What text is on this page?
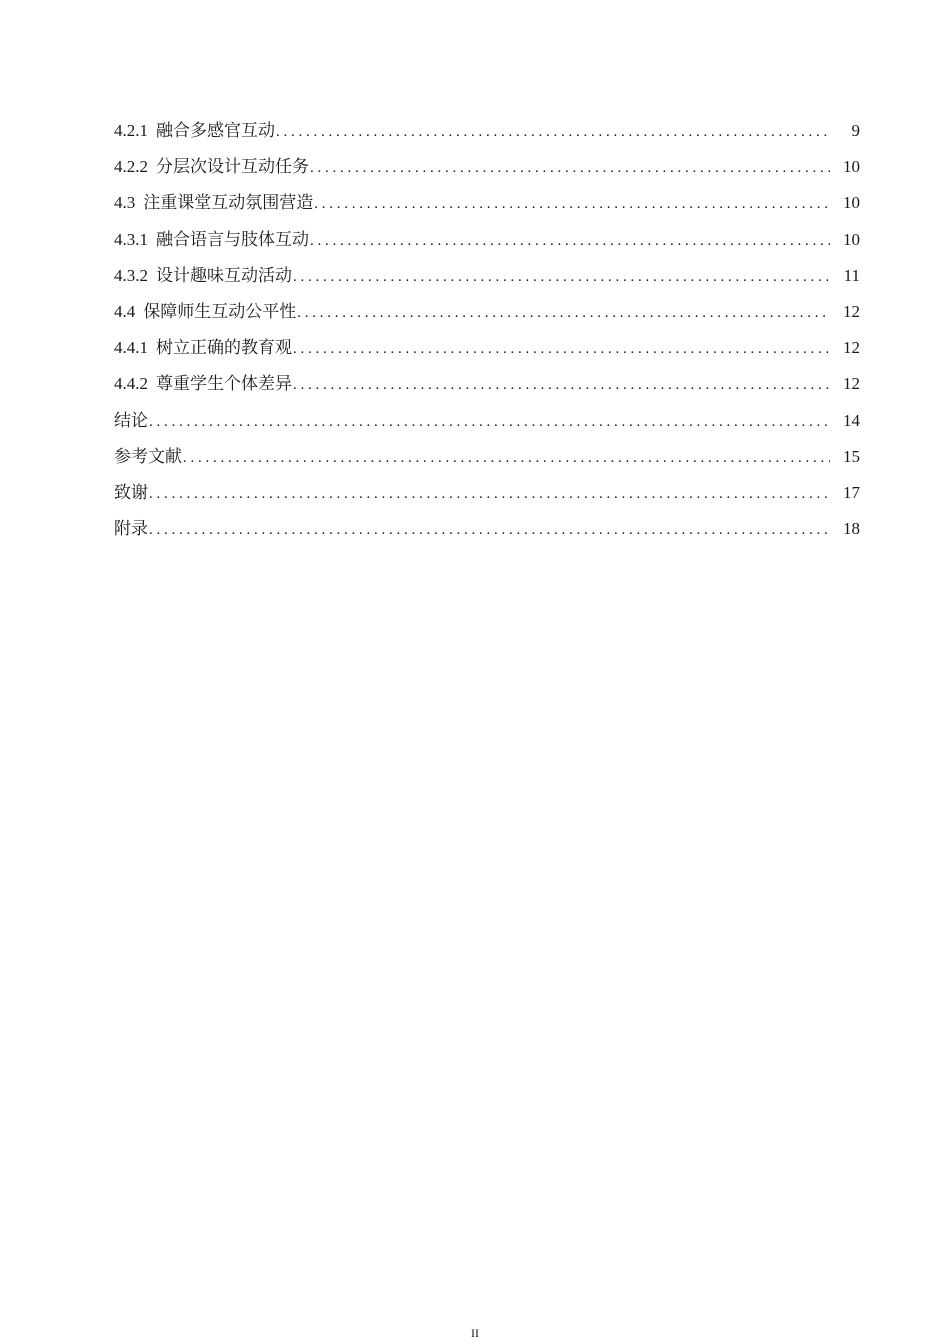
4.2.1 融合多感官互动 . . .	9
4.2.2 分层次设计互动任务 . . .	10
4.3 注重课堂互动氛围营造 . . .	10
4.3.1 融合语言与肢体互动 . . .	10
4.3.2 设计趣味互动活动 . . .	11
4.4 保障师生互动公平性 . . .	12
4.4.1 树立正确的教育观 . . .	12
4.4.2 尊重学生个体差异 . . .	12
结论 . . .	14
参考文献 . . .	15
致谢 . . .	17
附录 . . .	18
II
